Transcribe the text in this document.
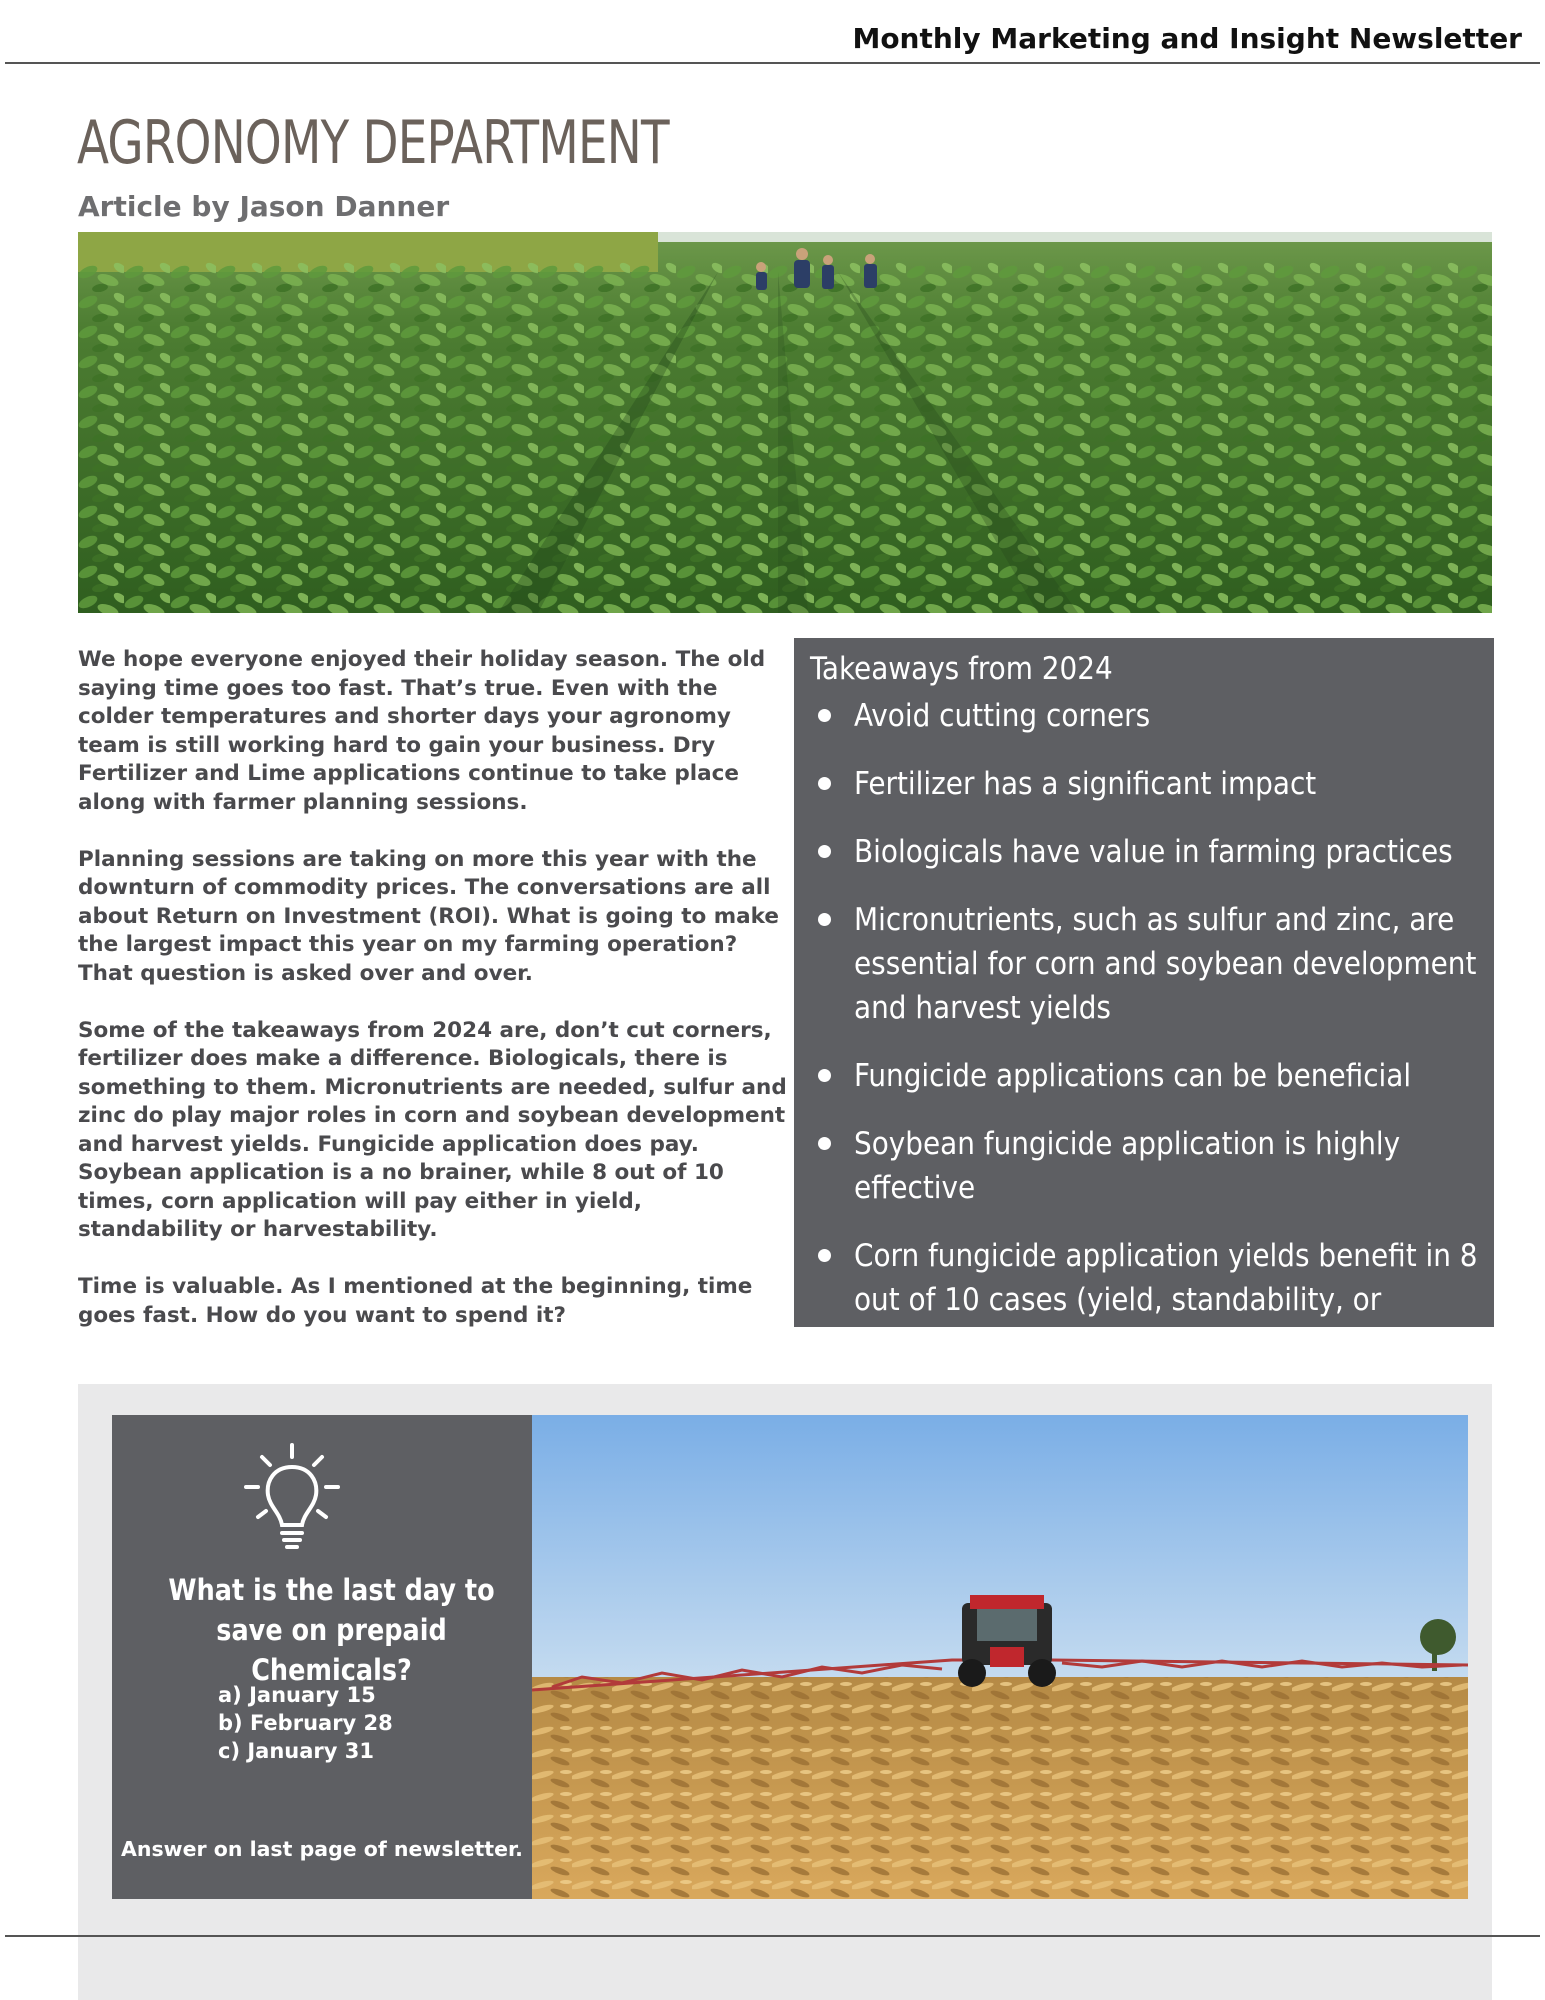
Monthly Marketing and Insight Newsletter
AGRONOMY DEPARTMENT
Article by Jason Danner

We hope everyone enjoyed their holiday season. The old saying time goes too fast. That’s true. Even with the colder temperatures and shorter days your agronomy team is still working hard to gain your business. Dry Fertilizer and Lime applications continue to take place along with farmer planning sessions.

Planning sessions are taking on more this year with the downturn of commodity prices. The conversations are all about Return on Investment (ROI). What is going to make the largest impact this year on my farming operation? That question is asked over and over.

Some of the takeaways from 2024 are, don’t cut corners, fertilizer does make a difference. Biologicals, there is something to them. Micronutrients are needed, sulfur and zinc do play major roles in corn and soybean development and harvest yields. Fungicide application does pay. Soybean application is a no brainer, while 8 out of 10 times, corn application will pay either in yield, standability or harvestability.

Time is valuable. As I mentioned at the beginning, time goes fast. How do you want to spend it?

Takeaways from 2024
Avoid cutting corners
Fertilizer has a significant impact
Biologicals have value in farming practices
Micronutrients, such as sulfur and zinc, are essential for corn and soybean development and harvest yields
Fungicide applications can be beneficial
Soybean fungicide application is highly effective
Corn fungicide application yields benefit in 8 out of 10 cases (yield, standability, or harvestability)
What is the last day to save on prepaid Chemicals?
a) January 15
b) February 28
c) January 31
Answer on last page of newsletter.
